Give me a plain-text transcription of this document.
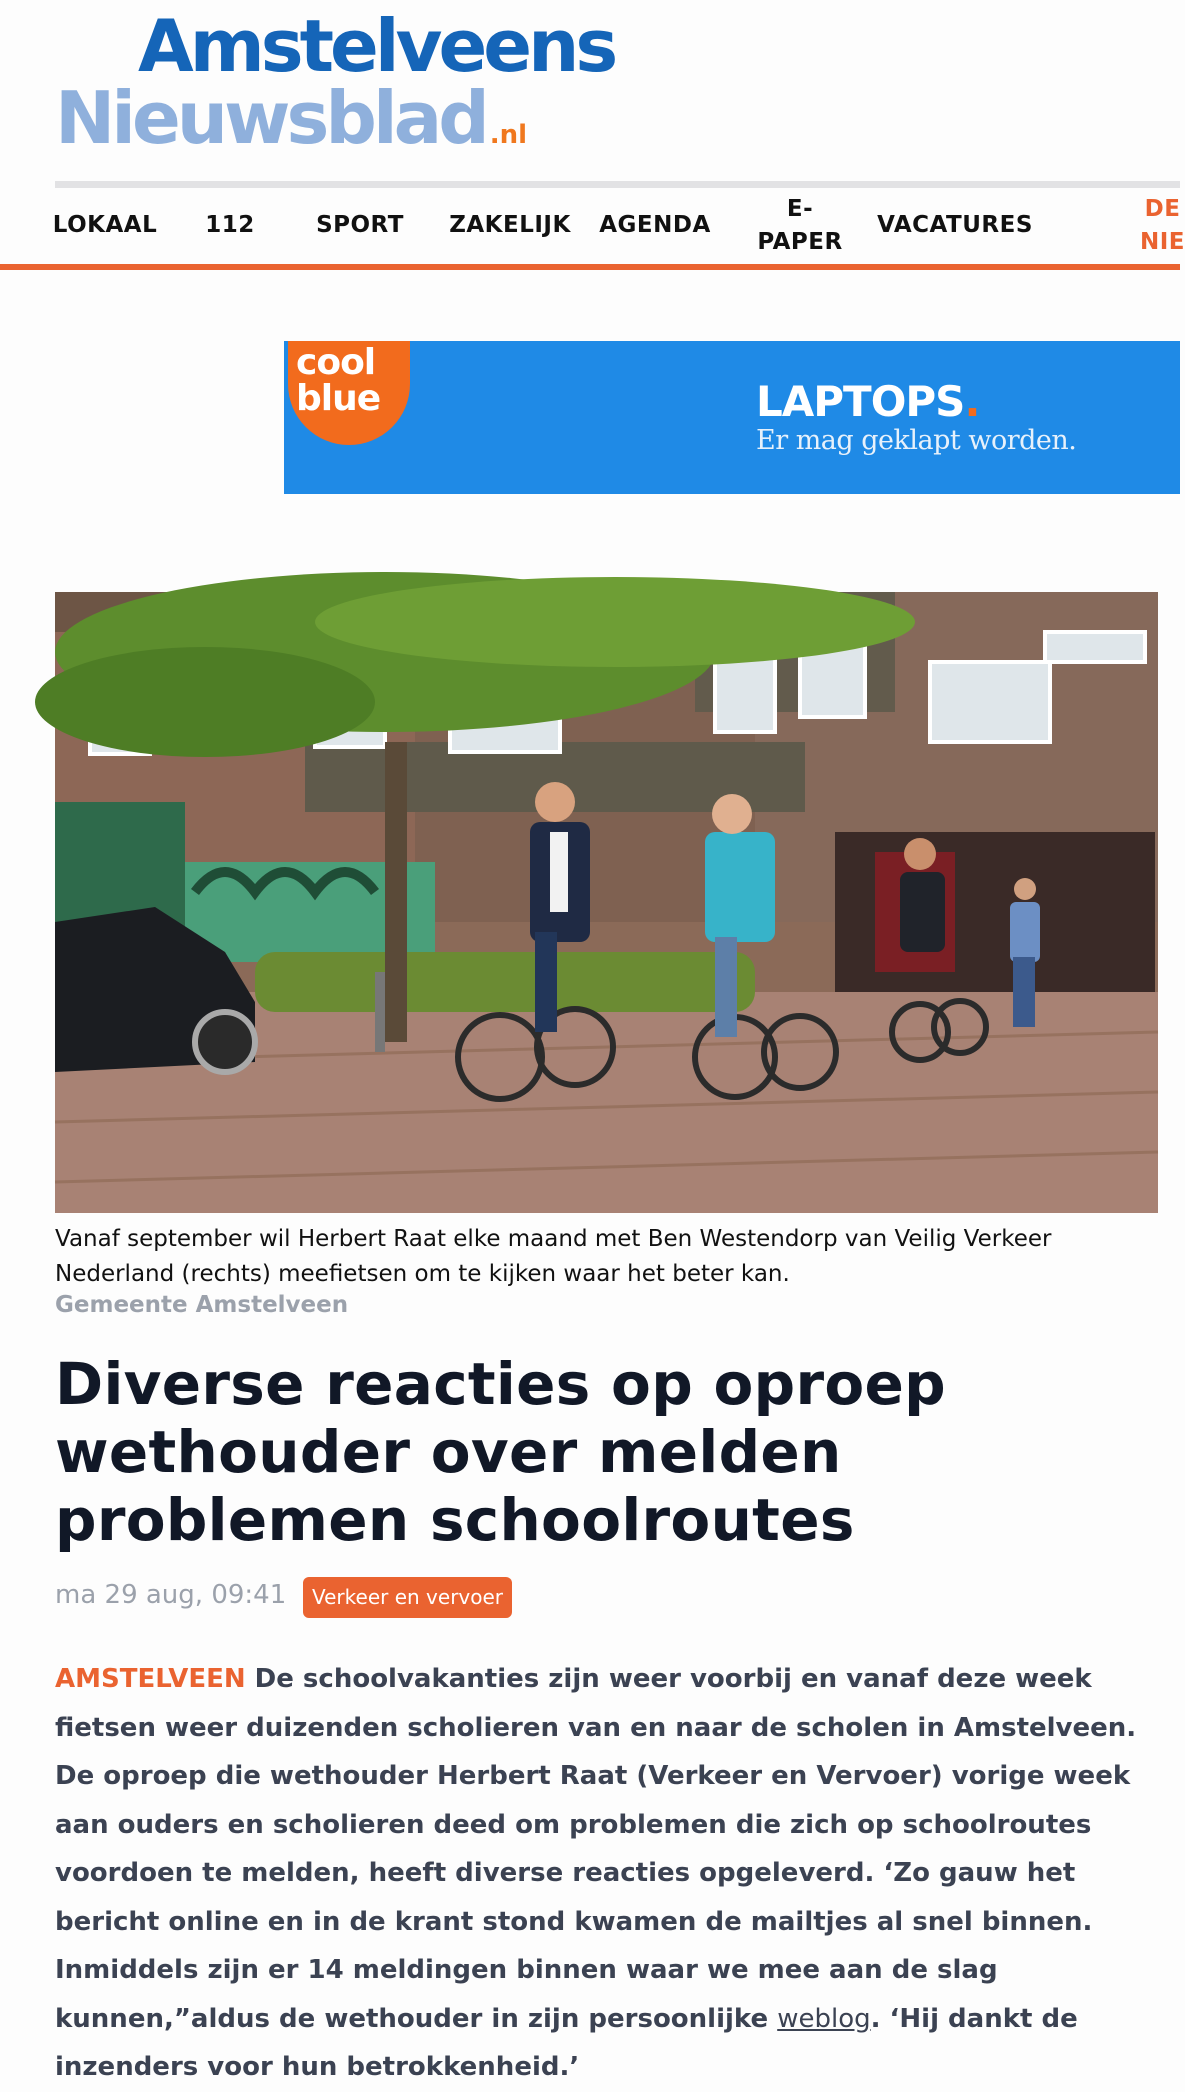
Amstelveens
Nieuwsblad .nl
LOKAAL 112	SPORT	ZAKELIJK	AGENDA
E-
PAPER
VACATURES
DE
NIE
cool
blue	LAPTOPS.
Er mag geklapt worden.
Vanaf september wil Herbert Raat elke maand met Ben Westendorp van Veilig Verkeer Nederland (rechts) meefietsen om te kijken waar het beter kan.
Gemeente Amstelveen
Diverse reacties op oproep wethouder over melden problemen schoolroutes
ma 29 aug, 09:41	Verkeer en vervoer

AMSTELVEEN De schoolvakanties zijn weer voorbij en vanaf deze week fietsen weer duizenden scholieren van en naar de scholen in Amstelveen. De oproep die wethouder Herbert Raat (Verkeer en Vervoer) vorige week aan ouders en scholieren deed om problemen die zich op schoolroutes voordoen te melden, heeft diverse reacties opgeleverd. ‘Zo gauw het bericht online en in de krant stond kwamen de mailtjes al snel binnen. Inmiddels zijn er 14 meldingen binnen waar we mee aan de slag kunnen,”aldus de wethouder in zijn persoonlijke weblog. ‘Hij dankt de inzenders voor hun betrokkenheid.’
